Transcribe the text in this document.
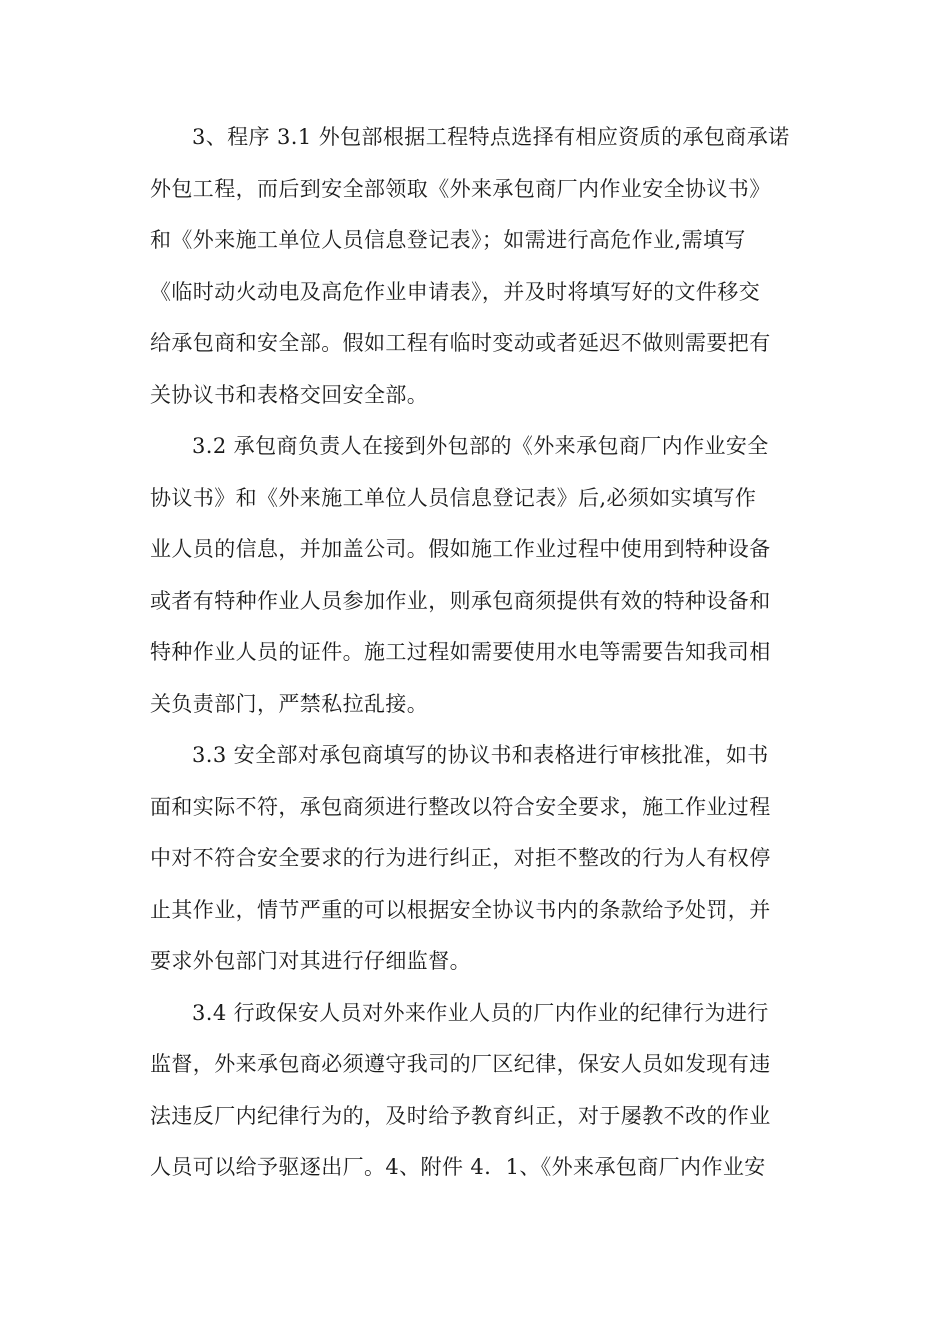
3、程序 3.1 外包部根据工程特点选择有相应资质的承包商承诺
外包工程，而后到安全部领取《外来承包商厂内作业安全协议书》
和《外来施工单位人员信息登记表》；如需进行高危作业,需填写
《临时动火动电及高危作业申请表》，并及时将填写好的文件移交
给承包商和安全部。假如工程有临时变动或者延迟不做则需要把有
关协议书和表格交回安全部。
3.2 承包商负责人在接到外包部的《外来承包商厂内作业安全
协议书》和《外来施工单位人员信息登记表》后,必须如实填写作
业人员的信息，并加盖公司。假如施工作业过程中使用到特种设备
或者有特种作业人员参加作业，则承包商须提供有效的特种设备和
特种作业人员的证件。施工过程如需要使用水电等需要告知我司相
关负责部门，严禁私拉乱接。
3.3 安全部对承包商填写的协议书和表格进行审核批准，如书
面和实际不符，承包商须进行整改以符合安全要求，施工作业过程
中对不符合安全要求的行为进行纠正，对拒不整改的行为人有权停
止其作业，情节严重的可以根据安全协议书内的条款给予处罚，并
要求外包部门对其进行仔细监督。
3.4 行政保安人员对外来作业人员的厂内作业的纪律行为进行
监督，外来承包商必须遵守我司的厂区纪律，保安人员如发现有违
法违反厂内纪律行为的，及时给予教育纠正，对于屡教不改的作业
人员可以给予驱逐出厂。4、附件 4．1、《外来承包商厂内作业安
